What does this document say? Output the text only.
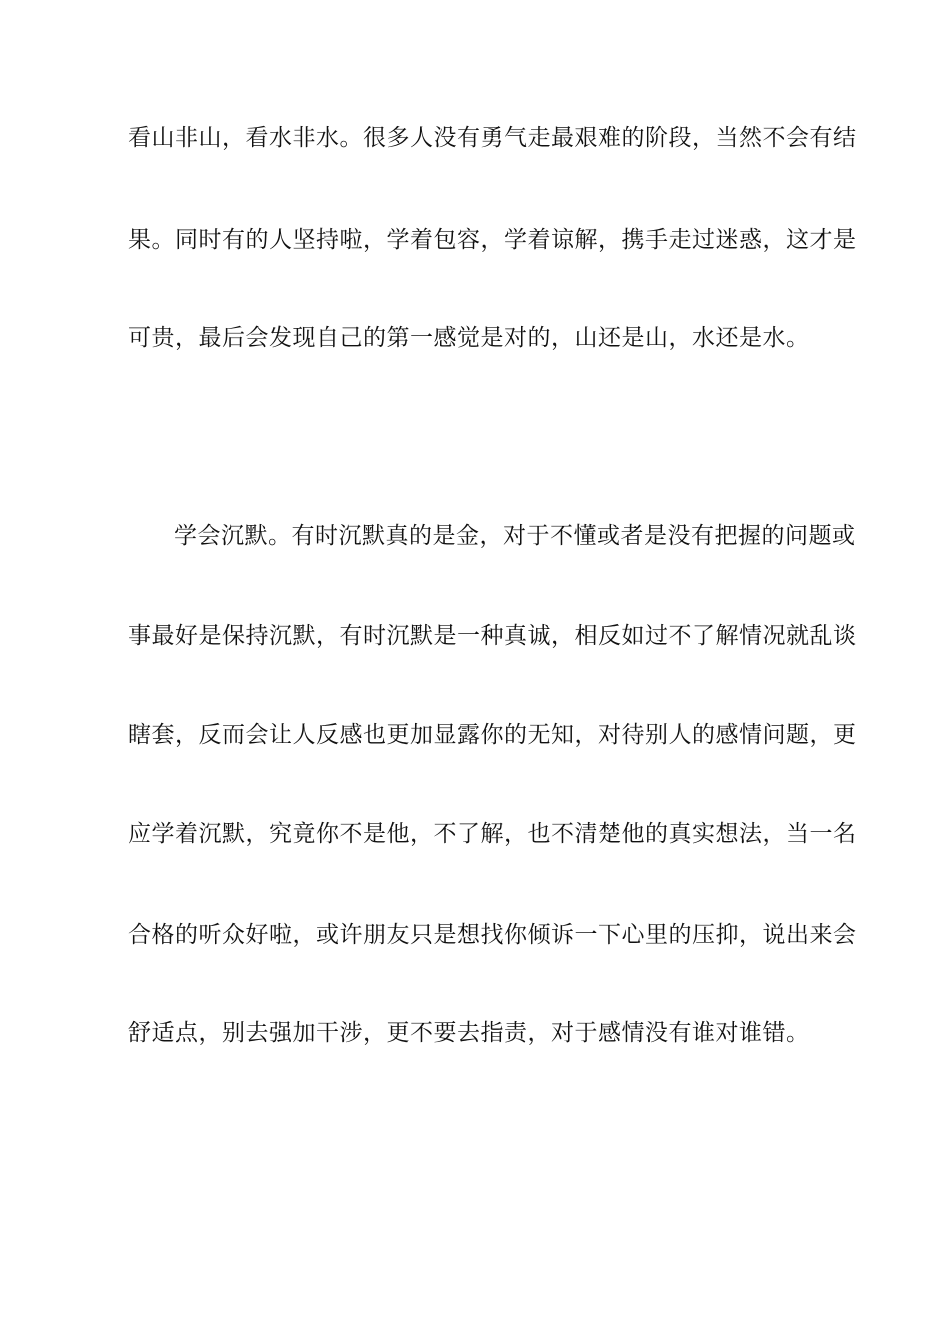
看山非山，看水非水。很多人没有勇气走最艰难的阶段，当然不会有结
果。同时有的人坚持啦，学着包容，学着谅解，携手走过迷惑，这才是
可贵，最后会发现自己的第一感觉是对的，山还是山，水还是水。
学会沉默。有时沉默真的是金，对于不懂或者是没有把握的问题或
事最好是保持沉默，有时沉默是一种真诚，相反如过不了解情况就乱谈
瞎套，反而会让人反感也更加显露你的无知，对待别人的感情问题，更
应学着沉默，究竟你不是他，不了解，也不清楚他的真实想法，当一名
合格的听众好啦，或许朋友只是想找你倾诉一下心里的压抑，说出来会
舒适点，别去强加干涉，更不要去指责，对于感情没有谁对谁错。
